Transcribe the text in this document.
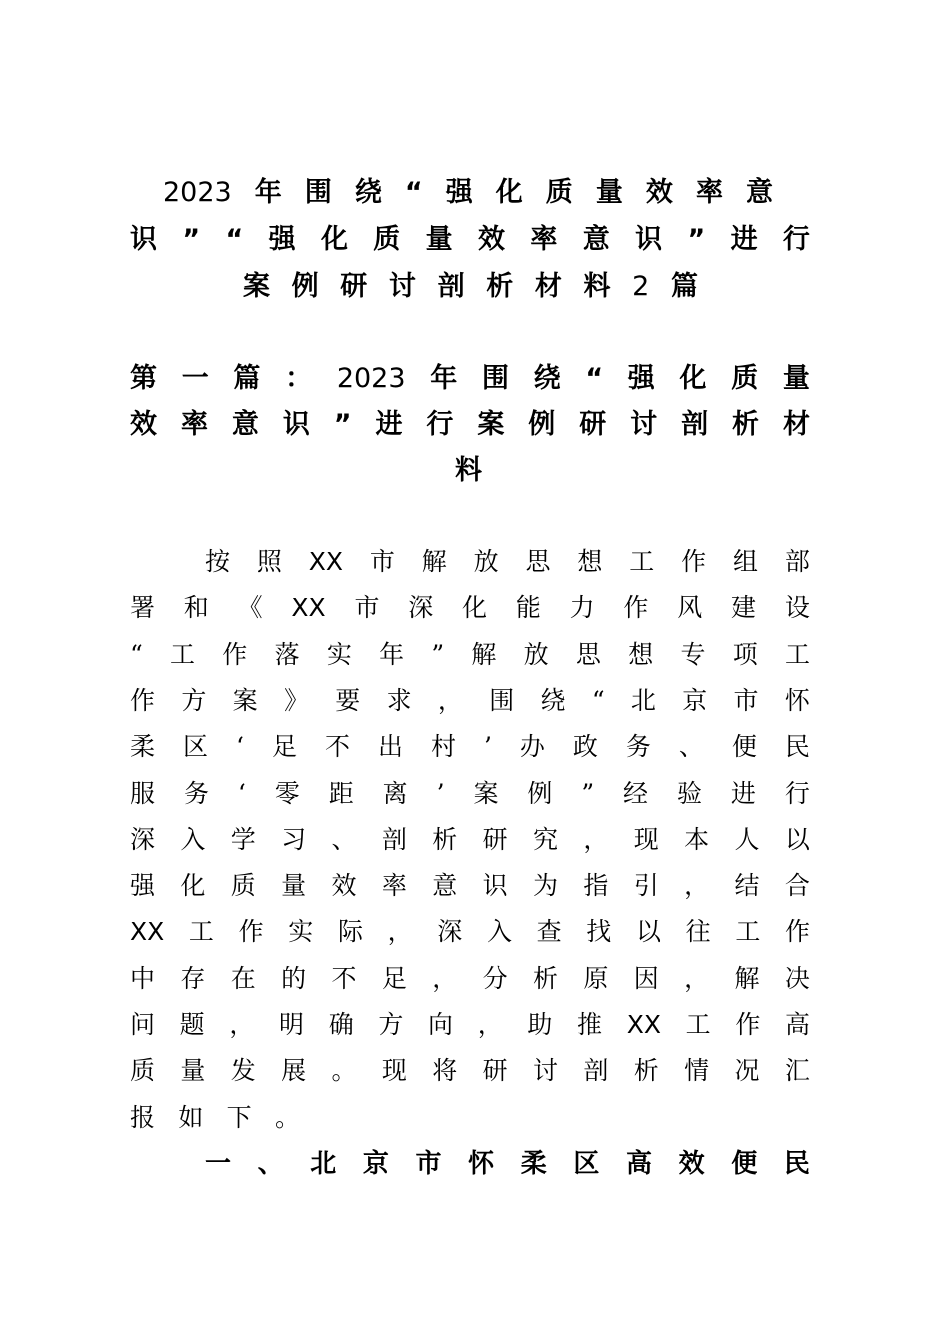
2023 年 围 绕 “ 强 化 质 量 效 率 意
识 ” “ 强 化 质 量 效 率 意 识 ” 进 行
案 例 研 讨 剖 析 材 料 2 篇
第 一 篇 ： 2023 年 围 绕 “ 强 化 质 量
效 率 意 识 ” 进 行 案 例 研 讨 剖 析 材
料
按 照 XX 市 解 放 思 想 工 作 组 部
署 和 《 XX 市 深 化 能 力 作 风 建 设
“ 工 作 落 实 年 ” 解 放 思 想 专 项 工
作 方 案 》 要 求 ， 围 绕 “ 北 京 市 怀
柔 区 ‘ 足 不 出 村 ’ 办 政 务 、 便 民
服 务 ‘ 零 距 离 ’ 案 例 ” 经 验 进 行
深 入 学 习 、 剖 析 研 究 ， 现 本 人 以
强 化 质 量 效 率 意 识 为 指 引 ， 结 合
XX 工 作 实 际 ， 深 入 查 找 以 往 工 作
中 存 在 的 不 足 ， 分 析 原 因 ， 解 决
问 题 ， 明 确 方 向 ， 助 推 XX 工 作 高
质 量 发 展 。 现 将 研 讨 剖 析 情 况 汇
报 如 下 。
一 、 北 京 市 怀 柔 区 高 效 便 民
